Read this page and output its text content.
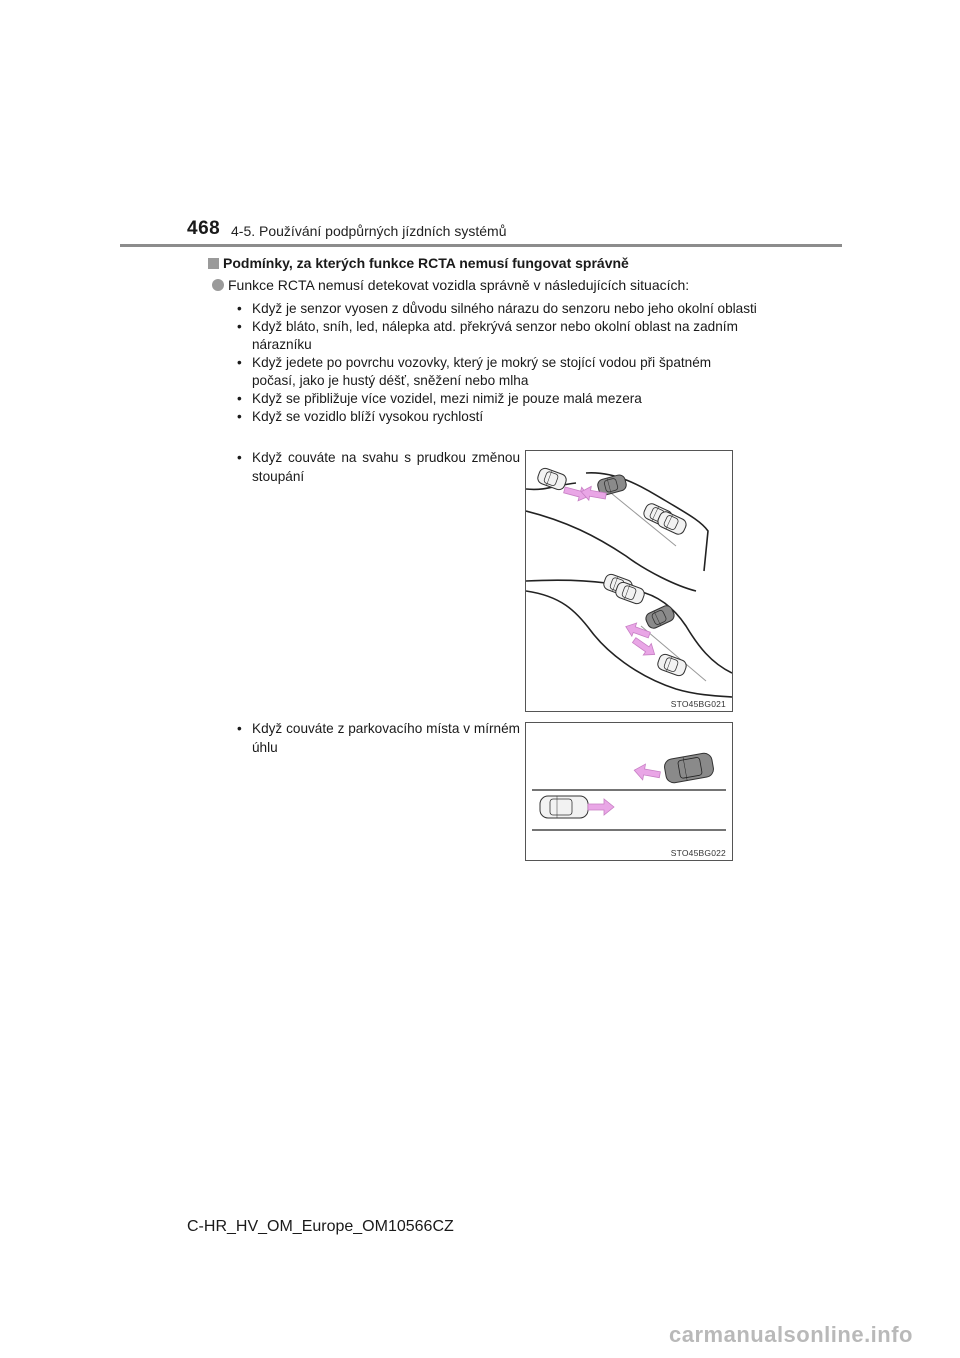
468 4-5. Používání podpůrných jízdních systémů
Podmínky, za kterých funkce RCTA nemusí fungovat správně
Funkce RCTA nemusí detekovat vozidla správně v následujících situacích:
• Když je senzor vyosen z důvodu silného nárazu do senzoru nebo jeho okolní oblasti
• Když bláto, sníh, led, nálepka atd. překrývá senzor nebo okolní oblast na zadním nárazníku
• Když jedete po povrchu vozovky, který je mokrý se stojící vodou při špatném počasí, jako je hustý déšť, sněžení nebo mlha
• Když se přibližuje více vozidel, mezi nimiž je pouze malá mezera
• Když se vozidlo blíží vysokou rychlostí
• Když couváte na svahu s prudkou změnou stoupání
STO45BG021
• Když couváte z parkovacího místa v mírném úhlu
STO45BG022
C-HR_HV_OM_Europe_OM10566CZ
carmanualsonline.info
